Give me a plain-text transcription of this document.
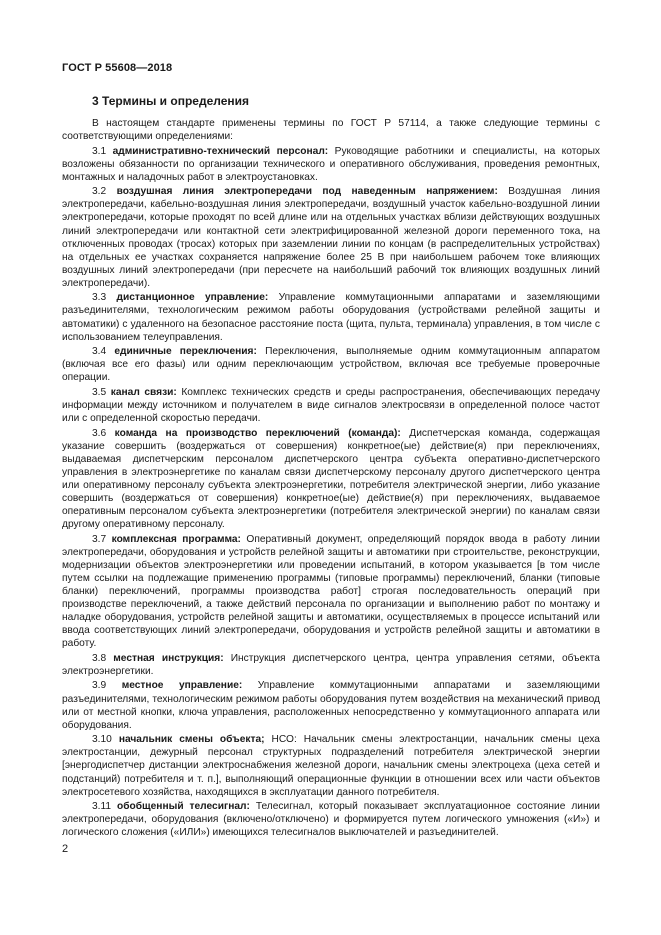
ГОСТ Р 55608—2018
3 Термины и определения

В настоящем стандарте применены термины по ГОСТ Р 57114, а также следующие термины с соответствующими определениями:

3.1 административно-технический персонал: Руководящие работники и специалисты, на которых возложены обязанности по организации технического и оперативного обслуживания, проведения ремонтных, монтажных и наладочных работ в электроустановках.

3.2 воздушная линия электропередачи под наведенным напряжением: Воздушная линия электропередачи, кабельно-воздушная линия электропередачи, воздушный участок кабельно-воздушной линии электропередачи, которые проходят по всей длине или на отдельных участках вблизи действующих воздушных линий электропередачи или контактной сети электрифицированной железной дороги переменного тока, на отключенных проводах (тросах) которых при заземлении линии по концам (в распределительных устройствах) на отдельных ее участках сохраняется напряжение более 25 В при наибольшем рабочем токе влияющих воздушных линий электропередачи (при пересчете на наибольший рабочий ток влияющих воздушных линий электропередачи).

3.3 дистанционное управление: Управление коммутационными аппаратами и заземляющими разъединителями, технологическим режимом работы оборудования (устройствами релейной защиты и автоматики) с удаленного на безопасное расстояние поста (щита, пульта, терминала) управления, в том числе с использованием телеуправления.

3.4 единичные переключения: Переключения, выполняемые одним коммутационным аппаратом (включая все его фазы) или одним переключающим устройством, включая все требуемые проверочные операции.

3.5 канал связи: Комплекс технических средств и среды распространения, обеспечивающих передачу информации между источником и получателем в виде сигналов электросвязи в определенной полосе частот или с определенной скоростью передачи.

3.6 команда на производство переключений (команда): Диспетчерская команда, содержащая указание совершить (воздержаться от совершения) конкретное(ые) действие(я) при переключениях, выдаваемая диспетчерским персоналом диспетчерского центра субъекта оперативно-диспетчерского управления в электроэнергетике по каналам связи диспетчерскому персоналу другого диспетчерского центра или оперативному персоналу субъекта электроэнергетики, потребителя электрической энергии, либо указание совершить (воздержаться от совершения) конкретное(ые) действие(я) при переключениях, выдаваемое оперативным персоналом субъекта электроэнергетики (потребителя электрической энергии) по каналам связи другому оперативному персоналу.

3.7 комплексная программа: Оперативный документ, определяющий порядок ввода в работу линии электропередачи, оборудования и устройств релейной защиты и автоматики при строительстве, реконструкции, модернизации объектов электроэнергетики или проведении испытаний, в котором указывается [в том числе путем ссылки на подлежащие применению программы (типовые программы) переключений, бланки (типовые бланки) переключений, программы производства работ] строгая последовательность операций при производстве переключений, а также действий персонала по организации и выполнению работ по монтажу и наладке оборудования, устройств релейной защиты и автоматики, осуществляемых в процессе испытаний или ввода соответствующих линий электропередачи, оборудования и устройств релейной защиты и автоматики в работу.

3.8 местная инструкция: Инструкция диспетчерского центра, центра управления сетями, объекта электроэнергетики.

3.9 местное управление: Управление коммутационными аппаратами и заземляющими разъединителями, технологическим режимом работы оборудования путем воздействия на механический привод или от местной кнопки, ключа управления, расположенных непосредственно у коммутационного аппарата или оборудования.

3.10 начальник смены объекта; НСО: Начальник смены электростанции, начальник смены цеха электростанции, дежурный персонал структурных подразделений потребителя электрической энергии [энергодиспетчер дистанции электроснабжения железной дороги, начальник смены электроцеха (цеха сетей и подстанций) потребителя и т. п.], выполняющий операционные функции в отношении всех или части объектов электросетевого хозяйства, находящихся в эксплуатации данного потребителя.

3.11 обобщенный телесигнал: Телесигнал, который показывает эксплуатационное состояние линии электропередачи, оборудования (включено/отключено) и формируется путем логического умножения («И») и логического сложения («ИЛИ») имеющихся телесигналов выключателей и разъединителей.

2
